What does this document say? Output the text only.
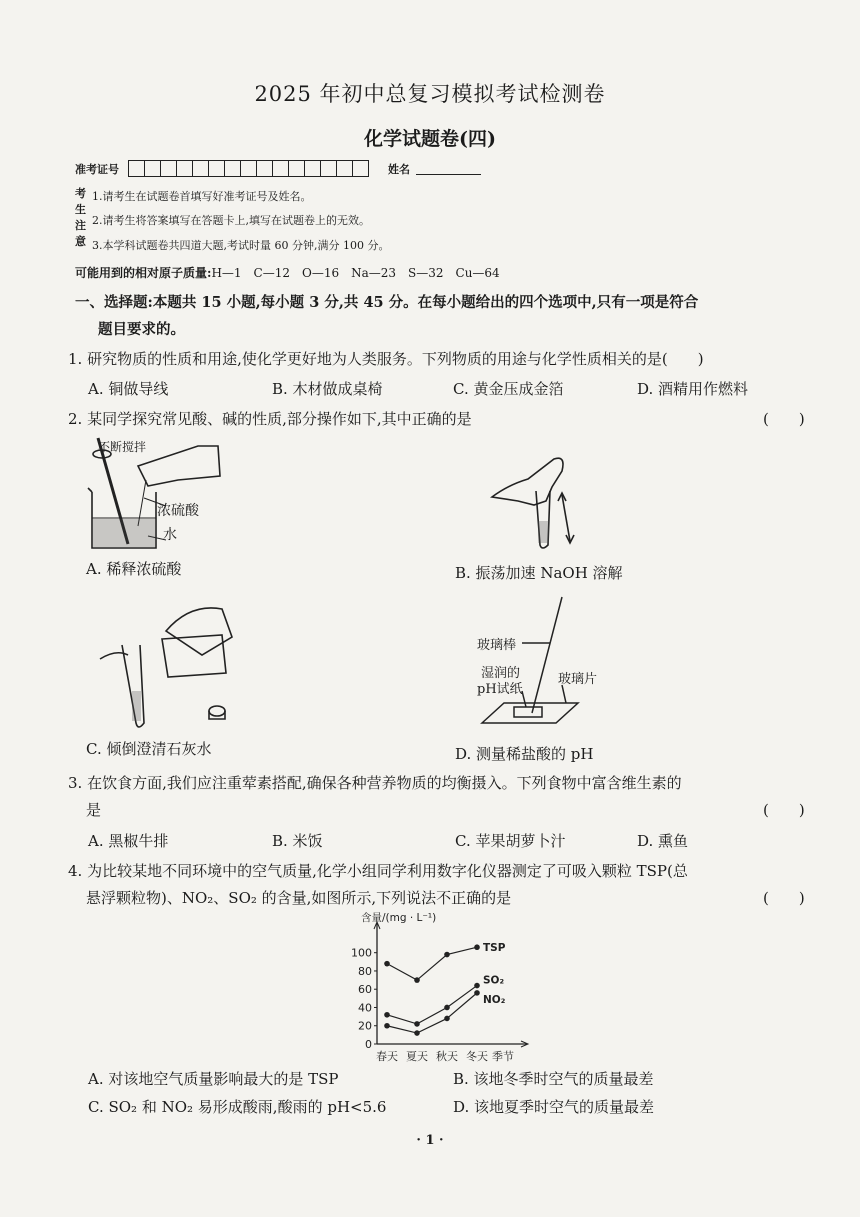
2025 年初中总复习模拟考试检测卷
化学试题卷(四)
准考证号	姓名
考
生
注
意
1.请考生在试题卷首填写好准考证号及姓名。
2.请考生将答案填写在答题卡上,填写在试题卷上的无效。
3.本学科试题卷共四道大题,考试时量 60 分钟,满分 100 分。
可能用到的相对原子质量:H—1　C—12　O—16　Na—23　S—32　Cu—64
一、选择题:本题共 15 小题,每小题 3 分,共 45 分。在每小题给出的四个选项中,只有一项是符合
题目要求的。
1. 研究物质的性质和用途,使化学更好地为人类服务。下列物质的用途与化学性质相关的是(　　)
A. 铜做导线	B. 木材做成桌椅	C. 黄金压成金箔	D. 酒精用作燃料
2. 某同学探究常见酸、碱的性质,部分操作如下,其中正确的是	(　　)
不断搅拌
浓硫酸
水
A. 稀释浓硫酸	B. 振荡加速 NaOH 溶解
C. 倾倒澄清石灰水
玻璃棒
湿润的
pH试纸
玻璃片
D. 测量稀盐酸的 pH
3. 在饮食方面,我们应注重荤素搭配,确保各种营养物质的均衡摄入。下列食物中富含维生素的
是	(　　)
A. 黑椒牛排	B. 米饭	C. 苹果胡萝卜汁	D. 熏鱼
4. 为比较某地不同环境中的空气质量,化学小组同学利用数字化仪器测定了可吸入颗粒 TSP(总
悬浮颗粒物)、NO₂、SO₂ 的含量,如图所示,下列说法不正确的是	(　　)
0
20
40
60
80
100
含量/(mg · L⁻¹)
春天 夏天 秋天 冬天 季节
TSP
SO₂
NO₂
A. 对该地空气质量影响最大的是 TSP	B. 该地冬季时空气的质量最差
C. SO₂ 和 NO₂ 易形成酸雨,酸雨的 pH<5.6	D. 该地夏季时空气的质量最差
· 1 ·
